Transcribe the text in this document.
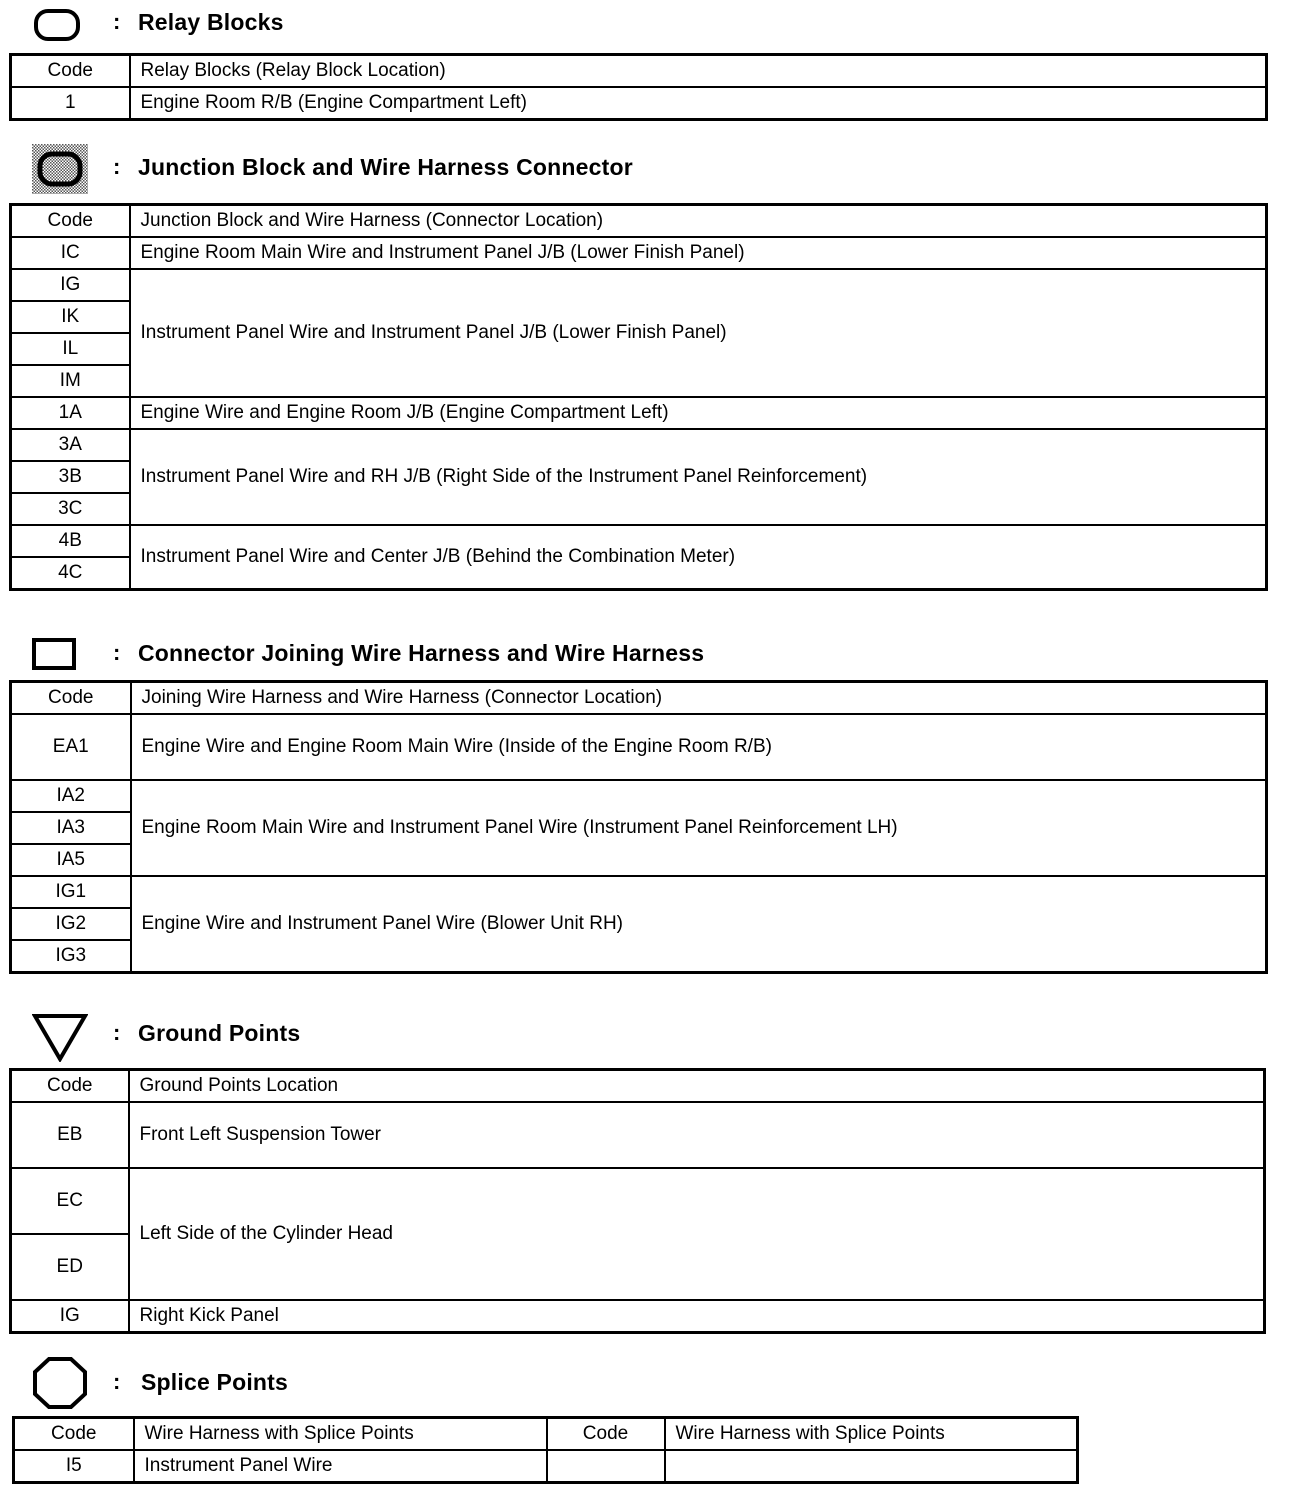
: Relay Blocks
Code	Relay Blocks (Relay Block Location)
1	Engine Room R/B (Engine Compartment Left)
: Junction Block and Wire Harness Connector
Code	Junction Block and Wire Harness (Connector Location)
IC	Engine Room Main Wire and Instrument Panel J/B (Lower Finish Panel)
IG	Instrument Panel Wire and Instrument Panel J/B (Lower Finish Panel)
IK	
IL	
IM	
1A	Engine Wire and Engine Room J/B (Engine Compartment Left)
3A	Instrument Panel Wire and RH J/B (Right Side of the Instrument Panel Reinforcement)
3B	
3C	
4B	Instrument Panel Wire and Center J/B (Behind the Combination Meter)
4C	
: Connector Joining Wire Harness and Wire Harness
Code	Joining Wire Harness and Wire Harness (Connector Location)
EA1	Engine Wire and Engine Room Main Wire (Inside of the Engine Room R/B)
IA2	Engine Room Main Wire and Instrument Panel Wire (Instrument Panel Reinforcement LH)
IA3	
IA5	
IG1	Engine Wire and Instrument Panel Wire (Blower Unit RH)
IG2	
IG3	
: Ground Points
Code	Ground Points Location
EB	Front Left Suspension Tower
EC	Left Side of the Cylinder Head
ED	
IG	Right Kick Panel
: Splice Points
Code	Wire Harness with Splice Points	Code	Wire Harness with Splice Points
I5	Instrument Panel Wire		
